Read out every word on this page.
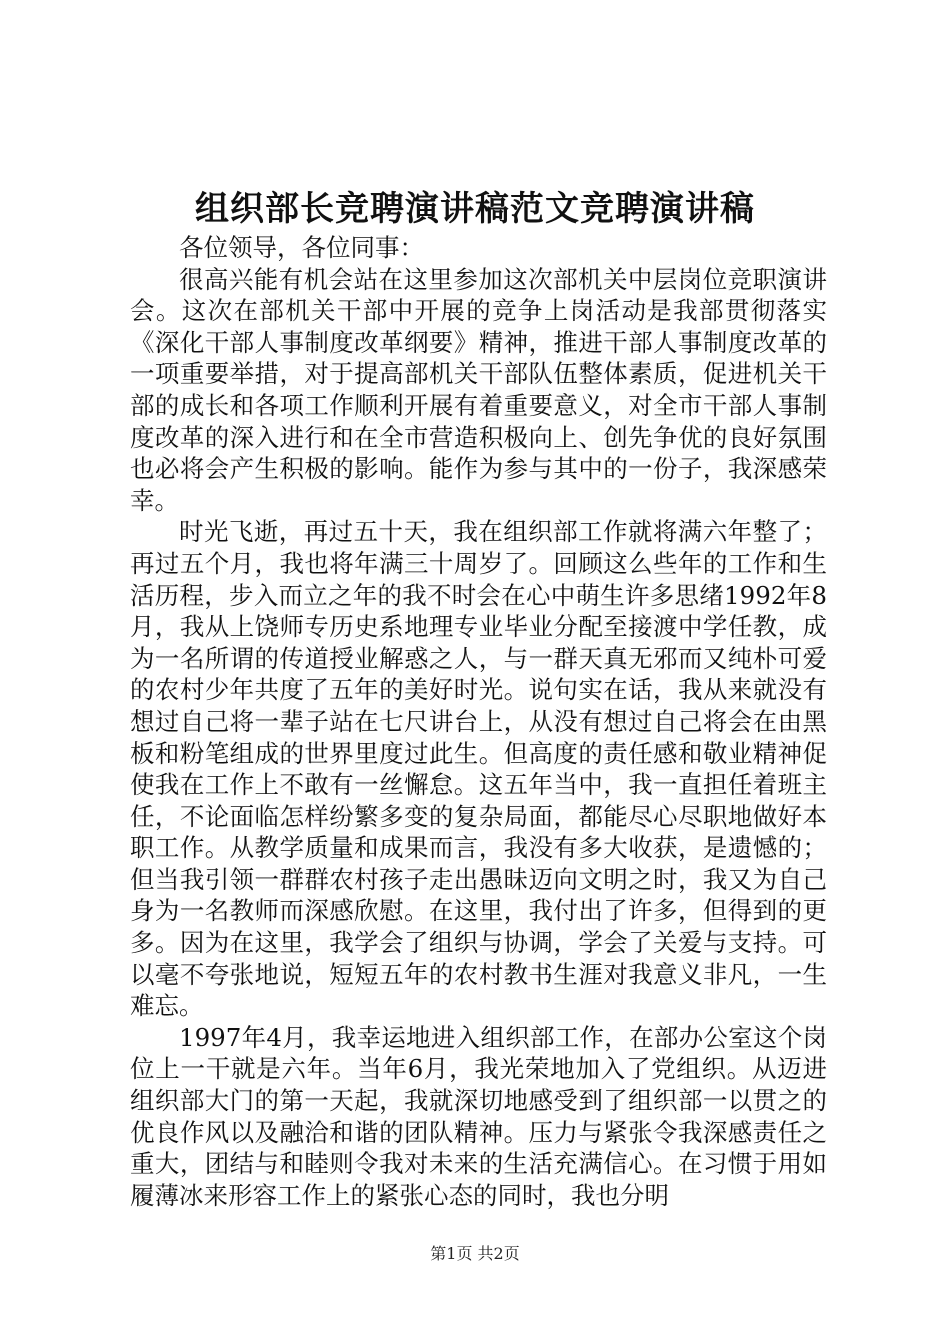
组织部长竞聘演讲稿范文竞聘演讲稿

各位领导，各位同事：

很高兴能有机会站在这里参加这次部机关中层岗位竞职演讲会。这次在部机关干部中开展的竞争上岗活动是我部贯彻落实《深化干部人事制度改革纲要》精神，推进干部人事制度改革的一项重要举措，对于提高部机关干部队伍整体素质，促进机关干部的成长和各项工作顺利开展有着重要意义，对全市干部人事制度改革的深入进行和在全市营造积极向上、创先争优的良好氛围也必将会产生积极的影响。能作为参与其中的一份子，我深感荣幸。

时光飞逝，再过五十天，我在组织部工作就将满六年整了；再过五个月，我也将年满三十周岁了。回顾这么些年的工作和生活历程，步入而立之年的我不时会在心中萌生许多思绪1992年8月，我从上饶师专历史系地理专业毕业分配至接渡中学任教，成为一名所谓的传道授业解惑之人，与一群天真无邪而又纯朴可爱的农村少年共度了五年的美好时光。说句实在话，我从来就没有想过自己将一辈子站在七尺讲台上，从没有想过自己将会在由黑板和粉笔组成的世界里度过此生。但高度的责任感和敬业精神促使我在工作上不敢有一丝懈怠。这五年当中，我一直担任着班主任，不论面临怎样纷繁多变的复杂局面，都能尽心尽职地做好本职工作。从教学质量和成果而言，我没有多大收获，是遗憾的；但当我引领一群群农村孩子走出愚昧迈向文明之时，我又为自己身为一名教师而深感欣慰。在这里，我付出了许多，但得到的更多。因为在这里，我学会了组织与协调，学会了关爱与支持。可以毫不夸张地说，短短五年的农村教书生涯对我意义非凡，一生难忘。

1997年4月，我幸运地进入组织部工作，在部办公室这个岗位上一干就是六年。当年6月，我光荣地加入了党组织。从迈进组织部大门的第一天起，我就深切地感受到了组织部一以贯之的优良作风以及融洽和谐的团队精神。压力与紧张令我深感责任之重大，团结与和睦则令我对未来的生活充满信心。在习惯于用如履薄冰来形容工作上的紧张心态的同时，我也分明

第1页 共2页
